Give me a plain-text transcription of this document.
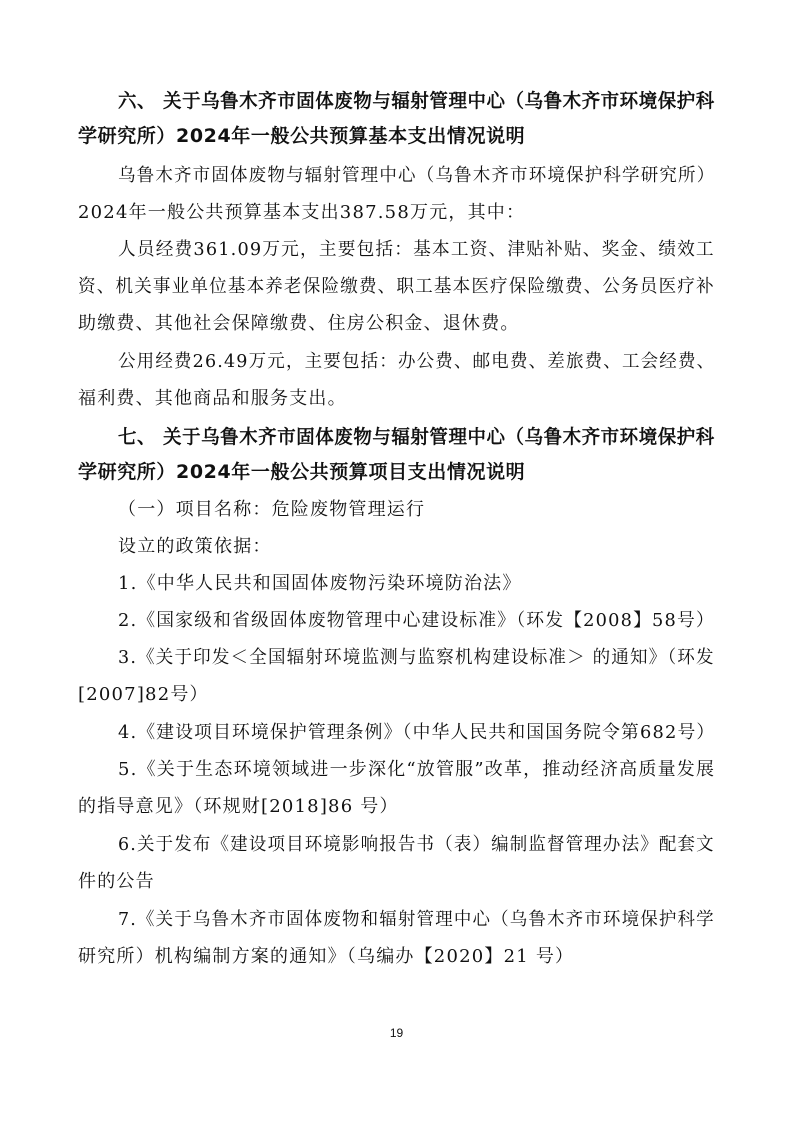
六、 关于乌鲁木齐市固体废物与辐射管理中心（乌鲁木齐市环境保护科
学研究所）2024年一般公共预算基本支出情况说明
乌鲁木齐市固体废物与辐射管理中心（乌鲁木齐市环境保护科学研究所）
2024年一般公共预算基本支出387.58万元，其中：
人员经费361.09万元，主要包括：基本工资、津贴补贴、奖金、绩效工
资、机关事业单位基本养老保险缴费、职工基本医疗保险缴费、公务员医疗补
助缴费、其他社会保障缴费、住房公积金、退休费。
公用经费26.49万元，主要包括：办公费、邮电费、差旅费、工会经费、
福利费、其他商品和服务支出。
七、 关于乌鲁木齐市固体废物与辐射管理中心（乌鲁木齐市环境保护科
学研究所）2024年一般公共预算项目支出情况说明
（一）项目名称：危险废物管理运行
设立的政策依据：
1.《中华人民共和国固体废物污染环境防治法》
2.《国家级和省级固体废物管理中心建设标准》（环发【2008】58号）
3.《关于印发＜全国辐射环境监测与监察机构建设标准＞ 的通知》（环发
[2007]82号）
4.《建设项目环境保护管理条例》（中华人民共和国国务院令第682号）
5.《关于生态环境领域进一步深化“放管服”改革，推动经济高质量发展
的指导意见》（环规财[2018]86 号）
6.关于发布《建设项目环境影响报告书（表）编制监督管理办法》配套文
件的公告
7.《关于乌鲁木齐市固体废物和辐射管理中心（乌鲁木齐市环境保护科学
研究所）机构编制方案的通知》（乌编办【2020】21 号）
19
